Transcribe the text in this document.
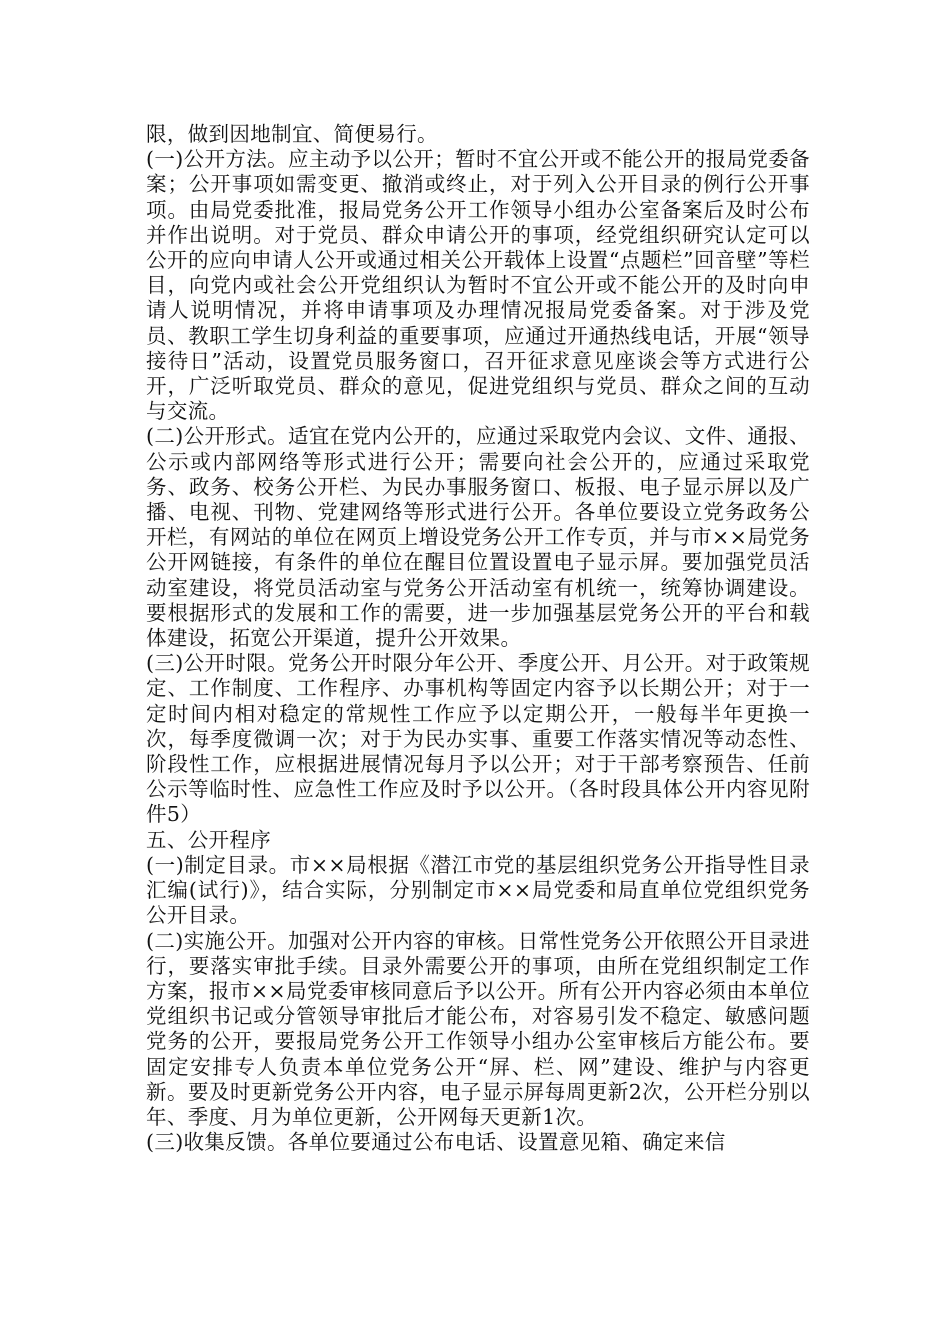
限，做到因地制宜、简便易行。

(一)公开方法。应主动予以公开；暂时不宜公开或不能公开的报局党委备案；公开事项如需变更、撤消或终止，对于列入公开目录的例行公开事项。由局党委批准，报局党务公开工作领导小组办公室备案后及时公布并作出说明。对于党员、群众申请公开的事项，经党组织研究认定可以公开的应向申请人公开或通过相关公开载体上设置“点题栏”回音壁”等栏目，向党内或社会公开党组织认为暂时不宜公开或不能公开的及时向申请人说明情况，并将申请事项及办理情况报局党委备案。对于涉及党员、教职工学生切身利益的重要事项，应通过开通热线电话，开展“领导接待日”活动，设置党员服务窗口，召开征求意见座谈会等方式进行公开，广泛听取党员、群众的意见，促进党组织与党员、群众之间的互动与交流。

(二)公开形式。适宜在党内公开的，应通过采取党内会议、文件、通报、公示或内部网络等形式进行公开；需要向社会公开的，应通过采取党务、政务、校务公开栏、为民办事服务窗口、板报、电子显示屏以及广播、电视、刊物、党建网络等形式进行公开。各单位要设立党务政务公开栏，有网站的单位在网页上增设党务公开工作专页，并与市××局党务公开网链接，有条件的单位在醒目位置设置电子显示屏。要加强党员活动室建设，将党员活动室与党务公开活动室有机统一，统筹协调建设。要根据形式的发展和工作的需要，进一步加强基层党务公开的平台和载体建设，拓宽公开渠道，提升公开效果。

(三)公开时限。党务公开时限分年公开、季度公开、月公开。对于政策规定、工作制度、工作程序、办事机构等固定内容予以长期公开；对于一定时间内相对稳定的常规性工作应予以定期公开，一般每半年更换一次，每季度微调一次；对于为民办实事、重要工作落实情况等动态性、阶段性工作，应根据进展情况每月予以公开；对于干部考察预告、任前公示等临时性、应急性工作应及时予以公开。（各时段具体公开内容见附件5）

五、公开程序

(一)制定目录。市××局根据《潜江市党的基层组织党务公开指导性目录汇编(试行)》，结合实际，分别制定市××局党委和局直单位党组织党务公开目录。

(二)实施公开。加强对公开内容的审核。日常性党务公开依照公开目录进行，要落实审批手续。目录外需要公开的事项，由所在党组织制定工作方案，报市××局党委审核同意后予以公开。所有公开内容必须由本单位党组织书记或分管领导审批后才能公布，对容易引发不稳定、敏感问题党务的公开，要报局党务公开工作领导小组办公室审核后方能公布。要固定安排专人负责本单位党务公开“屏、栏、网”建设、维护与内容更新。要及时更新党务公开内容，电子显示屏每周更新2次，公开栏分别以年、季度、月为单位更新，公开网每天更新1次。

(三)收集反馈。各单位要通过公布电话、设置意见箱、确定来信
